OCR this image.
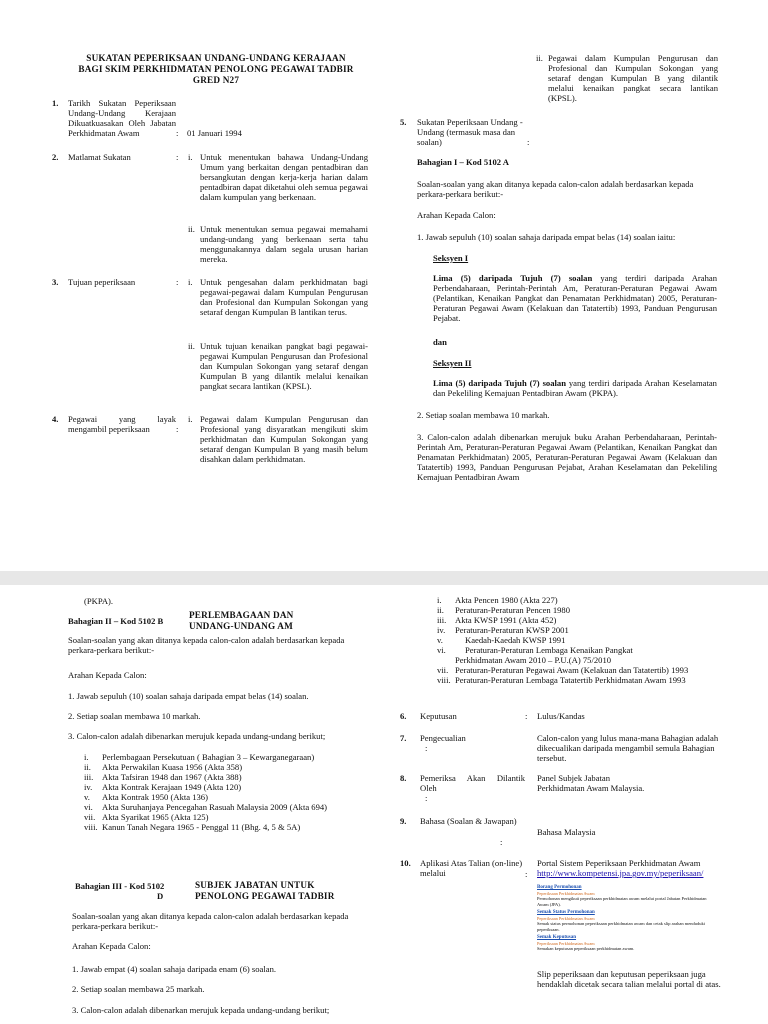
SUKATAN PEPERIKSAAN UNDANG-UNDANG KERAJAAN
BAGI SKIM PERKHIDMATAN PENOLONG PEGAWAI TADBIR
GRED N27
1. Tarikh Sukatan Peperiksaan Undang-Undang Kerajaan Dikuatkuasakan Oleh Jabatan Perkhidmatan Awam	: 01 Januari 1994
2. Matlamat Sukatan	: i. Untuk menentukan bahawa Undang-Undang Umum yang berkaitan dengan pentadbiran dan bersangkutan dengan kerja-kerja harian dalam pentadbiran dapat diketahui oleh semua pegawai dalam kumpulan yang berkenaan.
ii. Untuk menentukan semua pegawai memahami undang-undang yang berkenaan serta tahu menggunakannya dalam segala urusan harian mereka.
3. Tujuan peperiksaan	: i. Untuk pengesahan dalam perkhidmatan bagi pegawai-pegawai dalam Kumpulan Pengurusan dan Profesional dan Kumpulan Sokongan yang setaraf dengan Kumpulan B lantikan terus.
ii. Untuk tujuan kenaikan pangkat bagi pegawai-pegawai Kumpulan Pengurusan dan Profesional dan Kumpulan Sokongan yang setaraf dengan Kumpulan B yang dilantik melalui kenaikan pangkat secara lantikan (KPSL).
4. Pegawai yang layak mengambil peperiksaan	:
i. Pegawai dalam Kumpulan Pengurusan dan Profesional yang disyaratkan mengikuti skim perkhidmatan dan Kumpulan Sokongan yang setaraf dengan Kumpulan B yang masih belum disahkan dalam perkhidmatan.
ii. Pegawai dalam Kumpulan Pengurusan dan Profesional dan Kumpulan Sokongan yang setaraf dengan Kumpulan B yang dilantik melalui kenaikan pangkat secara lantikan (KPSL).
5. Sukatan Peperiksaan Undang -Undang (termasuk masa dan soalan)	:
Bahagian I – Kod 5102 A
Soalan-soalan yang akan ditanya kepada calon-calon adalah berdasarkan kepada perkara-perkara berikut:-
Arahan Kepada Calon:
1. Jawab sepuluh (10) soalan sahaja daripada empat belas (14) soalan iaitu:
Seksyen I
Lima (5) daripada Tujuh (7) soalan yang terdiri daripada Arahan Perbendaharaan, Perintah-Perintah Am, Peraturan-Peraturan Pegawai Awam (Pelantikan, Kenaikan Pangkat dan Penamatan Perkhidmatan) 2005, Peraturan-Peraturan Pegawai Awam (Kelakuan dan Tatatertib) 1993, Panduan Pengurusan Pejabat.
dan
Seksyen II
Lima (5) daripada Tujuh (7) soalan yang terdiri daripada Arahan Keselamatan dan Pekeliling Kemajuan Pentadbiran Awam (PKPA).
2. Setiap soalan membawa 10 markah.
3. Calon-calon adalah dibenarkan merujuk buku Arahan Perbendaharaan, Perintah-Perintah Am, Peraturan-Peraturan Pegawai Awam (Pelantikan, Kenaikan Pangkat dan Penamatan Perkhidmatan) 2005, Peraturan-Peraturan Pegawai Awam (Kelakuan dan Tatatertib) 1993, Panduan Pengurusan Pejabat, Arahan Keselamatan dan Pekeliling Kemajuan Pentadbiran Awam
(PKPA).
Bahagian II – Kod 5102 B
PERLEMBAGAAN DAN UNDANG-UNDANG AM
Soalan-soalan yang akan ditanya kepada calon-calon adalah berdasarkan kepada perkara-perkara berikut:-
Arahan Kepada Calon:
1. Jawab sepuluh (10) soalan sahaja daripada empat belas (14) soalan.
2. Setiap soalan membawa 10 markah.
3. Calon-calon adalah dibenarkan merujuk kepada undang-undang berikut;
i. Perlembagaan Persekutuan ( Bahagian 3 – Kewarganegaraan)
ii. Akta Perwakilan Kuasa 1956 (Akta 358)
iii. Akta Tafsiran 1948 dan 1967 (Akta 388)
iv. Akta Kontrak Kerajaan 1949 (Akta 120)
v. Akta Kontrak 1950 (Akta 136)
vi. Akta Suruhanjaya Pencegahan Rasuah Malaysia 2009 (Akta 694)
vii. Akta Syarikat 1965 (Akta 125)
viii. Kanun Tanah Negara 1965 - Penggal 11 (Bhg. 4, 5 & 5A)
Bahagian III - Kod 5102
D
SUBJEK JABATAN UNTUK PENOLONG PEGAWAI TADBIR
Soalan-soalan yang akan ditanya kepada calon-calon adalah berdasarkan kepada perkara-perkara berikut:-
Arahan Kepada Calon:
1. Jawab empat (4) soalan sahaja daripada enam (6) soalan.
2. Setiap soalan membawa 25 markah.
3. Calon-calon adalah dibenarkan merujuk kepada undang-undang berikut;
i. Akta Pencen 1980 (Akta 227)
ii. Peraturan-Peraturan Pencen 1980
iii. Akta KWSP 1991 (Akta 452)
iv. Peraturan-Peraturan KWSP 2001
v.	Kaedah-Kaedah KWSP 1991
vi. Peraturan-Peraturan Lembaga Kenaikan Pangkat
Perkhidmatan Awam 2010 – P.U.(A) 75/2010
vii. Peraturan-Peraturan Pegawai Awam (Kelakuan dan Tatatertib) 1993
viii. Peraturan-Peraturan Lembaga Tatatertib Perkhidmatan Awam 1993
6. Keputusan	: Lulus/Kandas
7. Pengecualian
:
Calon-calon yang lulus mana-mana Bahagian adalah dikecualikan daripada mengambil semula Bahagian tersebut.
8. Pemeriksa Akan Dilantik Oleh
:
Panel Subjek Jabatan Perkhidmatan Awam Malaysia.
9. Bahasa (Soalan & Jawapan)
:
Bahasa Malaysia
10. Aplikasi Atas Talian (on-line) melalui	:
Portal Sistem Peperiksaan Perkhidmatan Awam
http://www.kompetensi.jpa.gov.my/peperiksaan/
Borang Permohonan
Peperiksaan Perkhidmatan Awam
Permohonan mengikuti peperiksaan perkhidmatan awam melalui portal Jabatan Perkhidmatan Awam (JPA).
Semak Status Permohonan
Peperiksaan Perkhidmatan Awam
Semak status permohonan peperiksaan perkhidmatan awam dan cetak slip arahan menduduki peperiksaan.
Semak Keputusan
Peperiksaan Perkhidmatan Awam
Semakan keputusan peperiksaan perkhidmatan awam.
Slip peperiksaan dan keputusan peperiksaan juga hendaklah dicetak secara talian melalui portal di atas.
